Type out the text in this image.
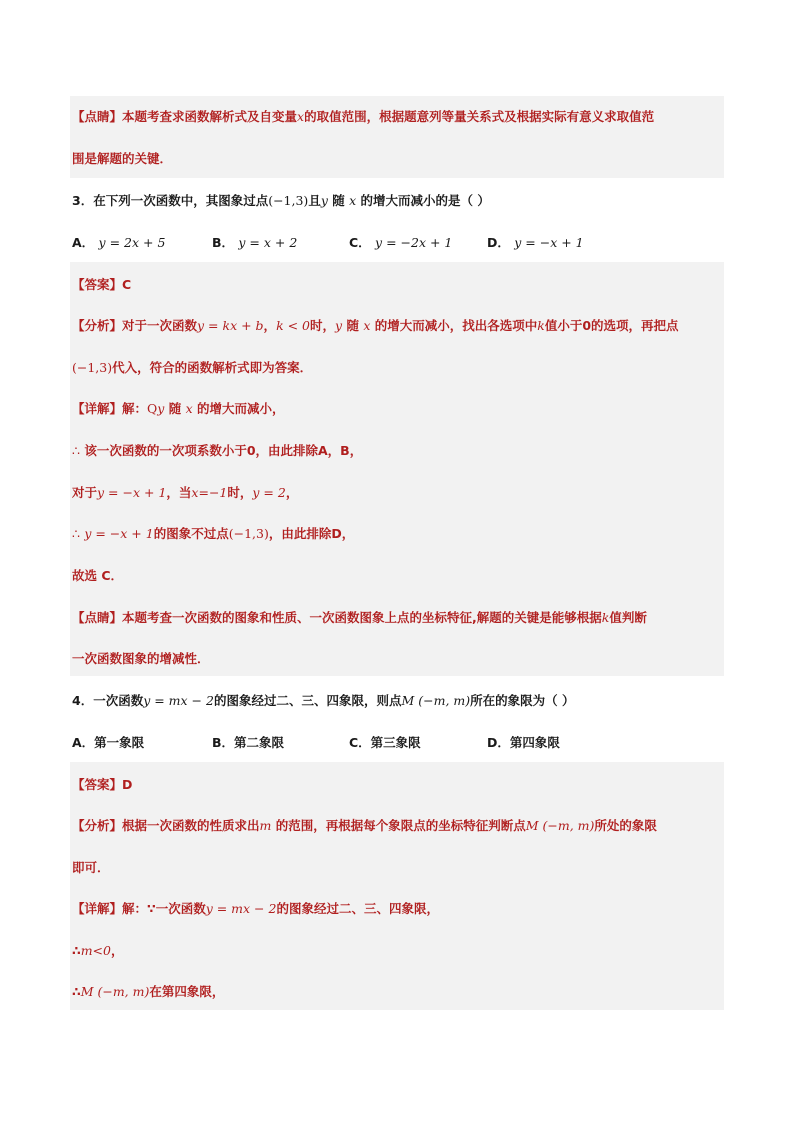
【点睛】本题考查求函数解析式及自变量x的取值范围，根据题意列等量关系式及根据实际有意义求取值范
围是解题的关键．
3．在下列一次函数中，其图象过点(−1,3)且y 随 x 的增大而减小的是（ ）
A． y = 2x + 5	B． y = x + 2	C． y = −2x + 1	D． y = −x + 1
【答案】C
【分析】对于一次函数y = kx + b，k < 0时，y 随 x 的增大而减小，找出各选项中k值小于0的选项，再把点
(−1,3)代入，符合的函数解析式即为答案．
【详解】解：Qy 随 x 的增大而减小，
∴ 该一次函数的一次项系数小于0，由此排除A，B，
对于y = −x + 1，当x=−1时，y = 2，
∴ y = −x + 1的图象不过点(−1,3)，由此排除D，
故选 C．
【点睛】本题考查一次函数的图象和性质、一次函数图象上点的坐标特征,解题的关键是能够根据k值判断
一次函数图象的增减性．
4．一次函数y = mx − 2的图象经过二、三、四象限，则点M (−m, m)所在的象限为（ ）
A．第一象限	B．第二象限	C．第三象限	D．第四象限
【答案】D
【分析】根据一次函数的性质求出m 的范围，再根据每个象限点的坐标特征判断点M (−m, m)所处的象限
即可．
【详解】解：∵一次函数y = mx − 2的图象经过二、三、四象限，
∴m<0，
∴M (−m, m)在第四象限，
